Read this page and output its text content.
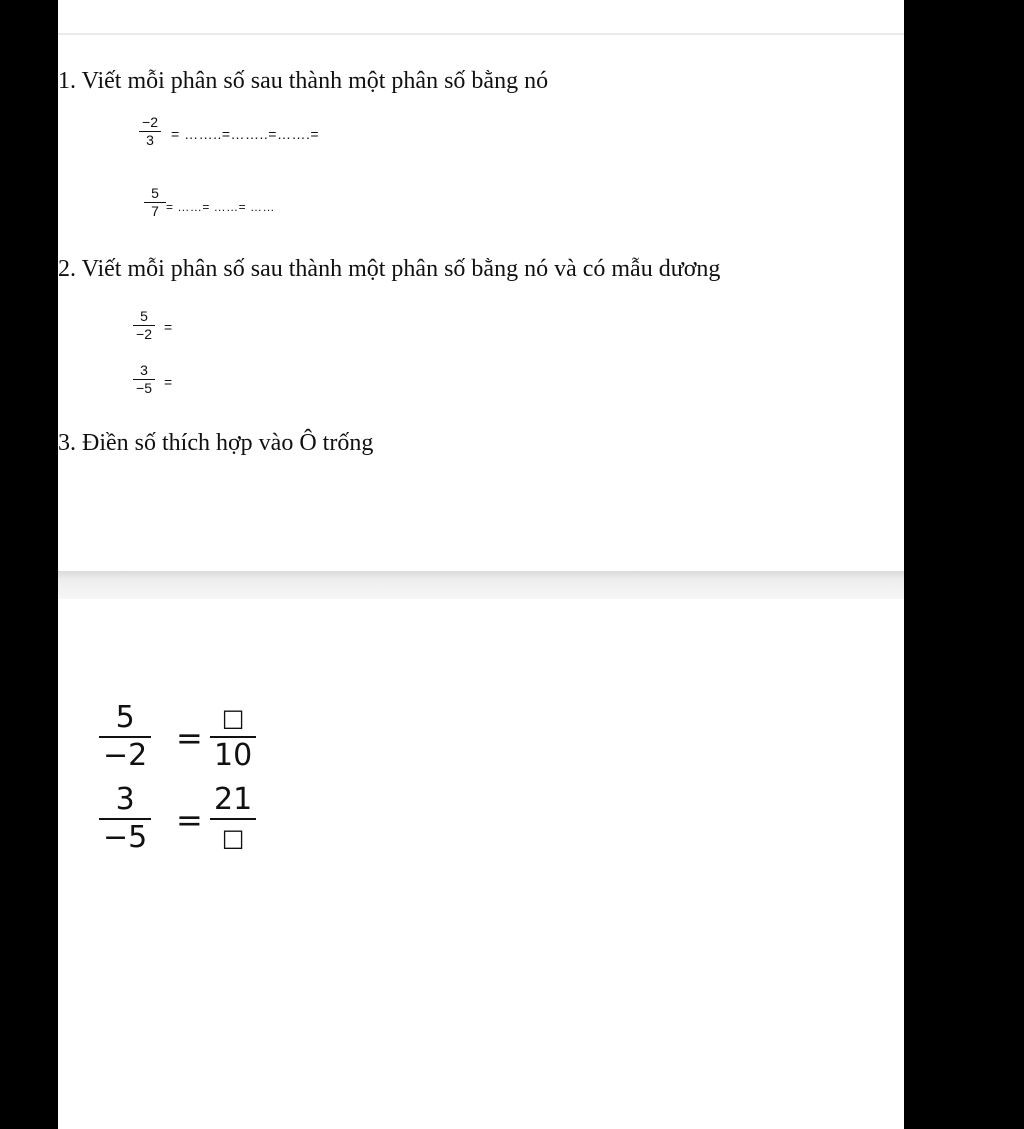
1. Viết mỗi phân số sau thành một phân số bằng nó
−2
3 = ……..=……..=…….=
5
7 = ……= ……= ……
2. Viết mỗi phân số sau thành một phân số bằng nó và có mẫu dương
5
−2 =
3
−5 =
3. Điền số thích hợp vào Ô trống
5
−2 =
□
10
3
−5 =
21
□
